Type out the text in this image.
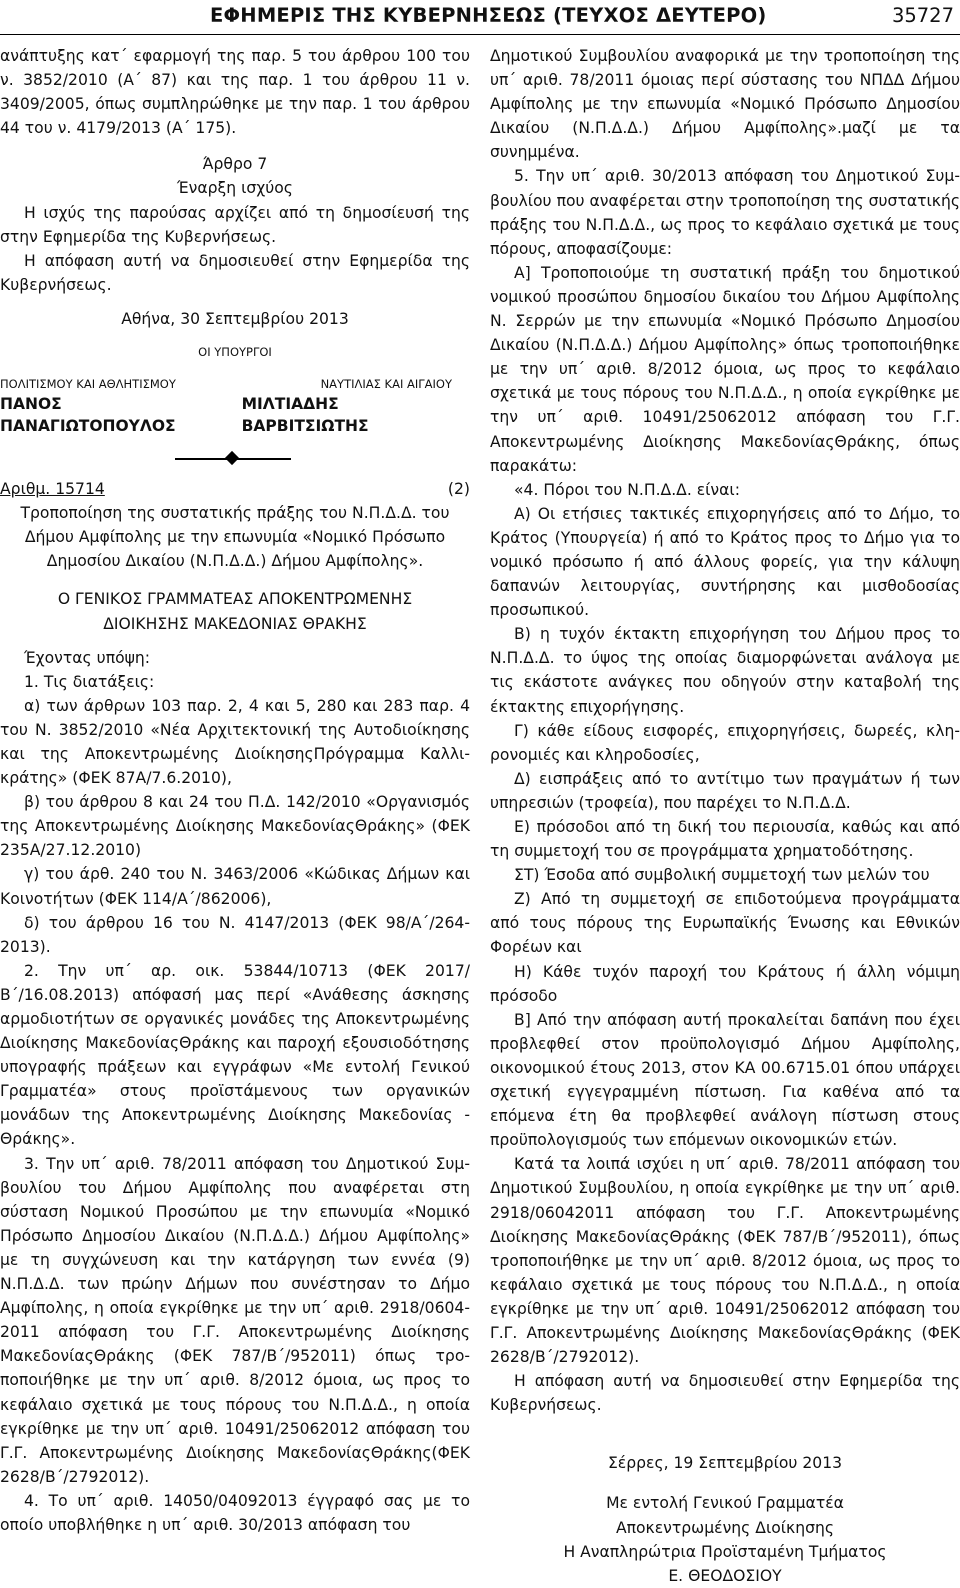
ΕΦΗΜΕΡΙΣ ΤΗΣ ΚΥΒΕΡΝΗΣΕΩΣ (ΤΕΥΧΟΣ ΔΕΥΤΕΡΟ)	35727

ανάπτυξης κατ΄ εφαρμογή της παρ. 5 του άρθρου 100 του ν. 3852/2010 (Α΄ 87) και της παρ. 1 του άρθρου 11 ν. 3409/2005, όπως συμπληρώθηκε με την παρ. 1 του άρθρου 44 του ν. 4179/2013 (Α΄ 175).

Άρθρο 7

Έναρξη ισχύος

Η ισχύς της παρούσας αρχίζει από τη δημοσίευσή της στην Εφημερίδα της Κυβερνήσεως.

Η απόφαση αυτή να δημοσιευθεί στην Εφημερίδα της Κυβερνήσεως.

Αθήνα, 30 Σεπτεμβρίου 2013

ΟΙ ΥΠΟΥΡΓΟΙ
ΠΟΛΙΤΙΣΜΟΥ ΚΑΙ ΑΘΛΗΤΙΣΜΟΥ	ΝΑΥΤΙΛΙΑΣ ΚΑΙ ΑΙΓΑΙΟΥ
ΠΑΝΟΣ ΠΑΝΑΓΙΩΤΟΠΟΥΛΟΣ
ΜΙΛΤΙΑΔΗΣ ΒΑΡΒΙΤΣΙΩΤΗΣ
Αριθμ. 15714	(2)

Τροποποίηση της συστατικής πράξης του Ν.Π.Δ.Δ. του Δήμου Αμφίπολης με την επωνυμία «Νομικό Πρόσωπο Δημοσίου Δικαίου (Ν.Π.Δ.Δ.) Δήμου Αμφίπολης».

Ο ΓΕΝΙΚΟΣ ΓΡΑΜΜΑΤΕΑΣ ΑΠΟΚΕΝΤΡΩΜΕΝΗΣ

ΔΙΟΙΚΗΣΗΣ ΜΑΚΕΔΟΝΙΑΣ ΘΡΑΚΗΣ

Έχοντας υπόψη:

1. Τις διατάξεις:

α) των άρθρων 103 παρ. 2, 4 και 5, 280 και 283 παρ. 4 του Ν. 3852/2010 «Νέα Αρχιτεκτονική της Αυτοδιοίκησης και της Αποκεντρωμένης ΔιοίκησηςΠρόγραμμα Καλλικράτης» (ΦΕΚ 87Α/7.6.2010),

β) του άρθρου 8 και 24 του Π.Δ. 142/2010 «Οργανισμός της Αποκεντρωμένης Διοίκησης ΜακεδονίαςΘράκης» (ΦΕΚ 235Α/27.12.2010)

γ) του άρθ. 240 του Ν. 3463/2006 «Κώδικας Δήμων και Κοινοτήτων (ΦΕΚ 114/Α΄/862006),

δ) του άρθρου 16 του Ν. 4147/2013 (ΦΕΚ 98/Α΄/2642013).

2. Την υπ΄ αρ. οικ. 53844/10713 (ΦΕΚ 2017/Β΄/16.08.2013) απόφασή μας περί «Ανάθεσης άσκησης αρμοδιοτήτων σε οργανικές μονάδες της Αποκεντρωμένης Διοίκησης ΜακεδονίαςΘράκης και παροχή εξουσιοδότησης υπογραφής πράξεων και εγγράφων «Με εντολή Γενικού Γραμματέα» στους προϊστάμενους των οργανικών μονάδων της Αποκεντρωμένης Διοίκησης Μακεδονίας Θράκης».

3. Την υπ΄ αριθ. 78/2011 απόφαση του Δημοτικού Συμβουλίου του Δήμου Αμφίπολης που αναφέρεται στη σύσταση Νομικού Προσώπου με την επωνυμία «Νομικό Πρόσωπο Δημοσίου Δικαίου (Ν.Π.Δ.Δ.) Δήμου Αμφίπολης» με τη συγχώνευση και την κατάργηση των εννέα (9) Ν.Π.Δ.Δ. των πρώην Δήμων που συνέστησαν το Δήμο Αμφίπολης, η οποία εγκρίθηκε με την υπ΄ αριθ. 2918/06042011 απόφαση του Γ.Γ. Αποκεντρωμένης Διοίκησης ΜακεδονίαςΘράκης (ΦΕΚ 787/Β΄/952011) όπως τροποποιήθηκε με την υπ΄ αριθ. 8/2012 όμοια, ως προς το κεφάλαιο σχετικά με τους πόρους του Ν.Π.Δ.Δ., η οποία εγκρίθηκε με την υπ΄ αριθ. 10491/25062012 απόφαση του Γ.Γ. Αποκεντρωμένης Διοίκησης ΜακεδονίαςΘράκης(ΦΕΚ 2628/Β΄/2792012).

4. Το υπ΄ αριθ. 14050/04092013 έγγραφό σας με το οποίο υποβλήθηκε η υπ΄ αριθ. 30/2013 απόφαση του

Δημοτικού Συμβουλίου αναφορικά με την τροποποίηση της υπ΄ αριθ. 78/2011 όμοιας περί σύστασης του ΝΠΔΔ Δήμου Αμφίπολης με την επωνυμία «Νομικό Πρόσωπο Δημοσίου Δικαίου (Ν.Π.Δ.Δ.) Δήμου Αμφίπολης».μαζί με τα συνημμένα.

5. Την υπ΄ αριθ. 30/2013 απόφαση του Δημοτικού Συμβουλίου που αναφέρεται στην τροποποίηση της συστατικής πράξης του Ν.Π.Δ.Δ., ως προς το κεφάλαιο σχετικά με τους πόρους, αποφασίζουμε:

Α] Τροποποιούμε τη συστατική πράξη του δημοτικού νομικού προσώπου δημοσίου δικαίου του Δήμου Αμφίπολης Ν. Σερρών με την επωνυμία «Νομικό Πρόσωπο Δημοσίου Δικαίου (Ν.Π.Δ.Δ.) Δήμου Αμφίπολης» όπως τροποποιήθηκε με την υπ΄ αριθ. 8/2012 όμοια, ως προς το κεφάλαιο σχετικά με τους πόρους του Ν.Π.Δ.Δ., η οποία εγκρίθηκε με την υπ΄ αριθ. 10491/25062012 απόφαση του Γ.Γ. Αποκεντρωμένης Διοίκησης ΜακεδονίαςΘράκης, όπως παρακάτω:

«4. Πόροι του Ν.Π.Δ.Δ. είναι:

Α) Οι ετήσιες τακτικές επιχορηγήσεις από το Δήμο, το Κράτος (Υπουργεία) ή από το Κράτος προς το Δήμο για το νομικό πρόσωπο ή από άλλους φορείς, για την κάλυψη δαπανών λειτουργίας, συντήρησης και μισθοδοσίας προσωπικού.

Β) η τυχόν έκτακτη επιχορήγηση του Δήμου προς το Ν.Π.Δ.Δ. το ύψος της οποίας διαμορφώνεται ανάλογα με τις εκάστοτε ανάγκες που οδηγούν στην καταβολή της έκτακτης επιχορήγησης.

Γ) κάθε είδους εισφορές, επιχορηγήσεις, δωρεές, κληρονομιές και κληροδοσίες,

Δ) εισπράξεις από το αντίτιμο των πραγμάτων ή των υπηρεσιών (τροφεία), που παρέχει το Ν.Π.Δ.Δ.

Ε) πρόσοδοι από τη δική του περιουσία, καθώς και από τη συμμετοχή του σε προγράμματα χρηματοδότησης.

ΣΤ) Έσοδα από συμβολική συμμετοχή των μελών του

Ζ) Από τη συμμετοχή σε επιδοτούμενα προγράμματα από τους πόρους της Ευρωπαϊκής Ένωσης και Εθνικών Φορέων και

Η) Κάθε τυχόν παροχή του Κράτους ή άλλη νόμιμη πρόσοδο

Β] Από την απόφαση αυτή προκαλείται δαπάνη που έχει προβλεφθεί στον προϋπολογισμό Δήμου Αμφίπολης, οικονομικού έτους 2013, στον ΚΑ 00.6715.01 όπου υπάρχει σχετική εγγεγραμμένη πίστωση. Για καθένα από τα επόμενα έτη θα προβλεφθεί ανάλογη πίστωση στους προϋπολογισμούς των επόμενων οικονομικών ετών.

Κατά τα λοιπά ισχύει η υπ΄ αριθ. 78/2011 απόφαση του Δημοτικού Συμβουλίου, η οποία εγκρίθηκε με την υπ΄ αριθ. 2918/06042011 απόφαση του Γ.Γ. Αποκεντρωμένης Διοίκησης ΜακεδονίαςΘράκης (ΦΕΚ 787/Β΄/952011), όπως τροποποιήθηκε με την υπ΄ αριθ. 8/2012 όμοια, ως προς το κεφάλαιο σχετικά με τους πόρους του Ν.Π.Δ.Δ., η οποία εγκρίθηκε με την υπ΄ αριθ. 10491/25062012 απόφαση του Γ.Γ. Αποκεντρωμένης Διοίκησης ΜακεδονίαςΘράκης (ΦΕΚ 2628/Β΄/2792012).

Η απόφαση αυτή να δημοσιευθεί στην Εφημερίδα της Κυβερνήσεως.

Σέρρες, 19 Σεπτεμβρίου 2013

Με εντολή Γενικού Γραμματέα

Αποκεντρωμένης Διοίκησης

Η Αναπληρώτρια Προϊσταμένη Τμήματος

Ε. ΘΕΟΔΟΣΙΟΥ
